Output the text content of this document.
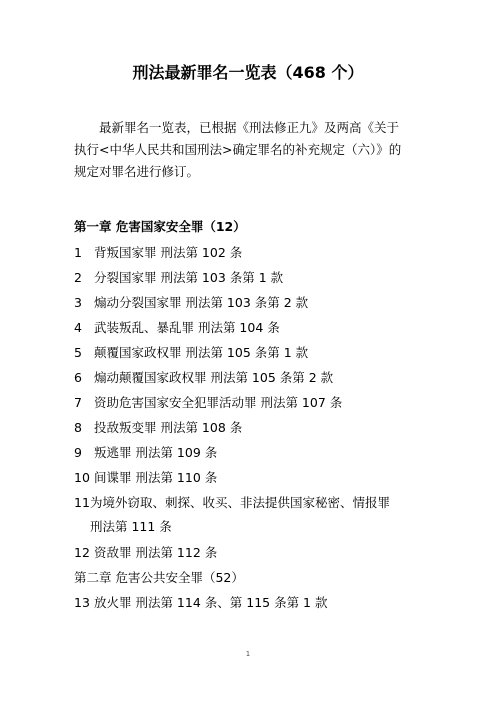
刑法最新罪名一览表（468 个）
最新罪名一览表，已根据《刑法修正九》及两高《关于
执行<中华人民共和国刑法>确定罪名的补充规定（六）》的
规定对罪名进行修订。
第一章 危害国家安全罪（12）
1 背叛国家罪 刑法第 102 条
2 分裂国家罪 刑法第 103 条第 1 款
3 煽动分裂国家罪 刑法第 103 条第 2 款
4 武装叛乱、暴乱罪 刑法第 104 条
5 颠覆国家政权罪 刑法第 105 条第 1 款
6 煽动颠覆国家政权罪 刑法第 105 条第 2 款
7 资助危害国家安全犯罪活动罪 刑法第 107 条
8 投敌叛变罪 刑法第 108 条
9 叛逃罪 刑法第 109 条
10 间谍罪 刑法第 110 条
11为境外窃取、刺探、收买、非法提供国家秘密、情报罪
刑法第 111 条
12 资敌罪 刑法第 112 条
第二章 危害公共安全罪（52）
13 放火罪 刑法第 114 条、第 115 条第 1 款
1
